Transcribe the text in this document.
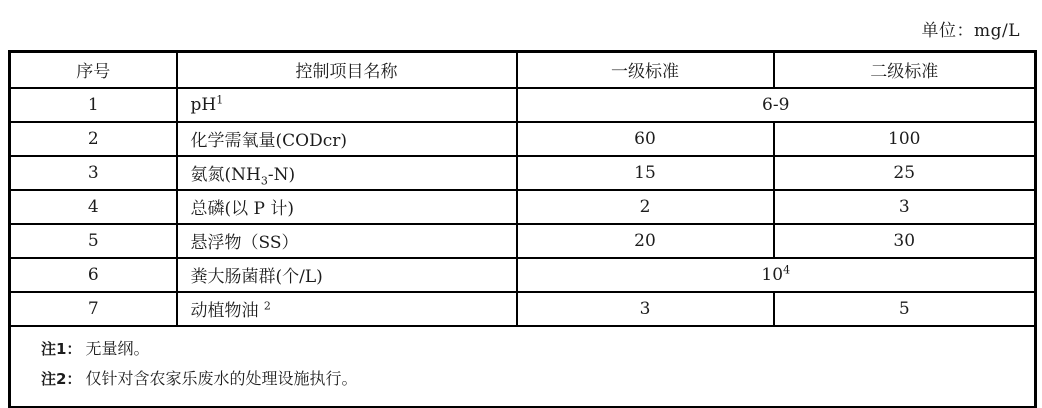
单位：mg/L
序号	控制项目名称	一级标准	二级标准
1	$pH^1$	6-9	
2	化学需氧量(CODcr)	60	100
3	氨氮$(NH_3-N)$	15	25
4	总磷(以 P 计)	2	3
5	悬浮物（SS）	20	30
6	粪大肠菌群(个/L)	$10^4$
7	动植物油 $^2$	3	5

注1： 无量纲。
注2： 仅针对含农家乐废水的处理设施执行。			
